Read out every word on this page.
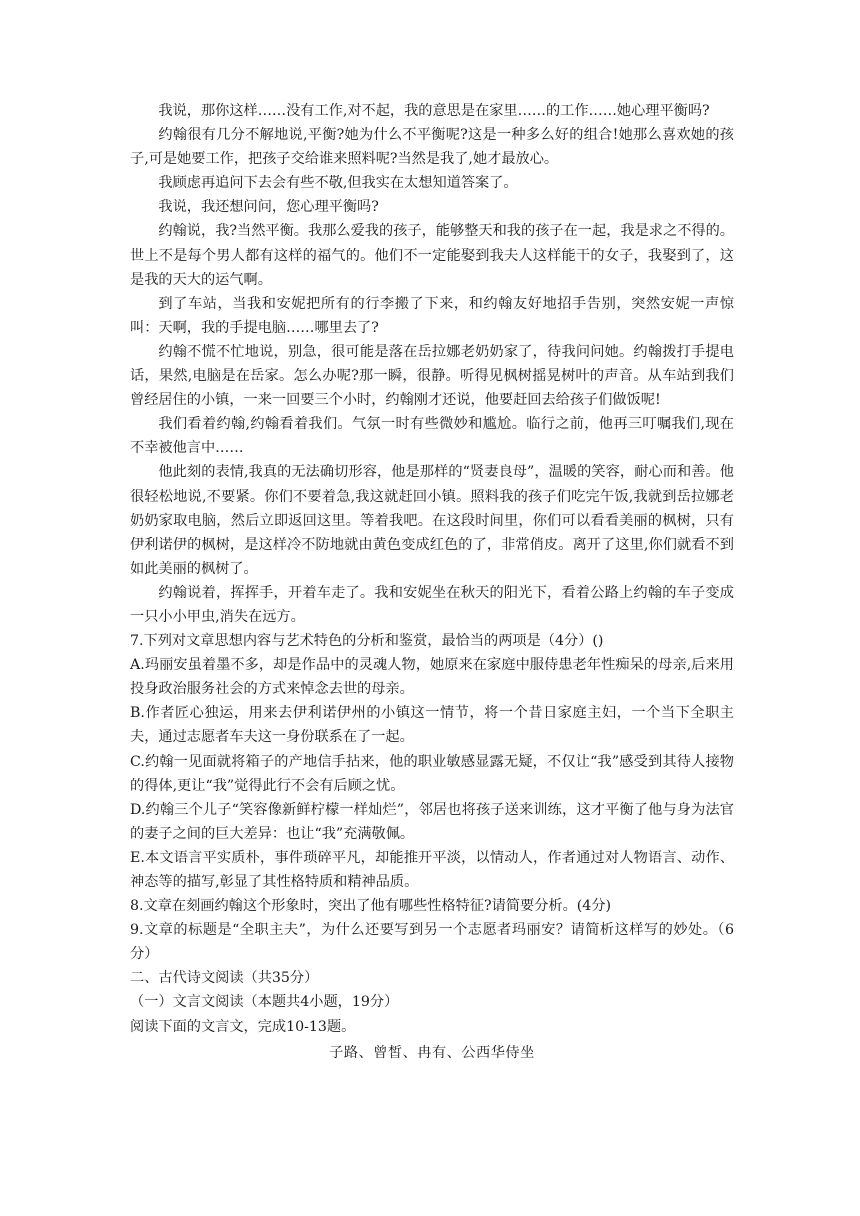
我说，那你这样……没有工作,对不起，我的意思是在家里……的工作……她心理平衡吗?

约翰很有几分不解地说,平衡?她为什么不平衡呢?这是一种多么好的组合!她那么喜欢她的孩子,可是她要工作，把孩子交给谁来照料呢?当然是我了,她才最放心。

我顾虑再追问下去会有些不敬,但我实在太想知道答案了。

我说，我还想问问，您心理平衡吗?

约翰说，我?当然平衡。我那么爱我的孩子，能够整天和我的孩子在一起，我是求之不得的。世上不是每个男人都有这样的福气的。他们不一定能娶到我夫人这样能干的女子，我娶到了，这是我的天大的运气啊。

到了车站，当我和安妮把所有的行李搬了下来，和约翰友好地招手告别，突然安妮一声惊叫：天啊，我的手提电脑……哪里去了?

约翰不慌不忙地说，别急，很可能是落在岳拉娜老奶奶家了，待我问问她。约翰拨打手提电话，果然,电脑是在岳家。怎么办呢?那一瞬，很静。听得见枫树摇晃树叶的声音。从车站到我们曾经居住的小镇，一来一回要三个小时，约翰刚才还说，他要赶回去给孩子们做饭呢!

我们看着约翰,约翰看着我们。气氛一时有些微妙和尴尬。临行之前，他再三叮嘱我们,现在不幸被他言中……

他此刻的表情,我真的无法确切形容，他是那样的“贤妻良母”，温暖的笑容，耐心而和善。他很轻松地说,不要紧。你们不要着急,我这就赶回小镇。照料我的孩子们吃完午饭,我就到岳拉娜老奶奶家取电脑，然后立即返回这里。等着我吧。在这段时间里，你们可以看看美丽的枫树，只有伊利诺伊的枫树，是这样冷不防地就由黄色变成红色的了，非常俏皮。离开了这里,你们就看不到如此美丽的枫树了。

约翰说着，挥挥手，开着车走了。我和安妮坐在秋天的阳光下，看着公路上约翰的车子变成一只小小甲虫,消失在远方。

7.下列对文章思想内容与艺术特色的分析和鉴赏，最恰当的两项是（4分）()

A.玛丽安虽着墨不多，却是作品中的灵魂人物，她原来在家庭中服侍患老年性痴呆的母亲,后来用投身政治服务社会的方式来悼念去世的母亲。

B.作者匠心独运，用来去伊利诺伊州的小镇这一情节，将一个昔日家庭主妇，一个当下全职主夫，通过志愿者车夫这一身份联系在了一起。

C.约翰一见面就将箱子的产地信手拈来，他的职业敏感显露无疑，不仅让“我”感受到其待人接物的得体,更让“我”觉得此行不会有后顾之忧。

D.约翰三个儿子“笑容像新鲜柠檬一样灿烂”，邻居也将孩子送来训练，这才平衡了他与身为法官的妻子之间的巨大差异：也让“我”充满敬佩。

E.本文语言平实质朴，事件琐碎平凡，却能推开平淡，以情动人，作者通过对人物语言、动作、神态等的描写,彰显了其性格特质和精神品质。

8.文章在刻画约翰这个形象时，突出了他有哪些性格特征?请简要分析。(4分)

9.文章的标题是“全职主夫”，为什么还要写到另一个志愿者玛丽安？请简析这样写的妙处。（6分）

二、古代诗文阅读（共35分）

（一）文言文阅读（本题共4小题，19分）

阅读下面的文言文，完成10-13题。

子路、曾皙、冉有、公西华侍坐
